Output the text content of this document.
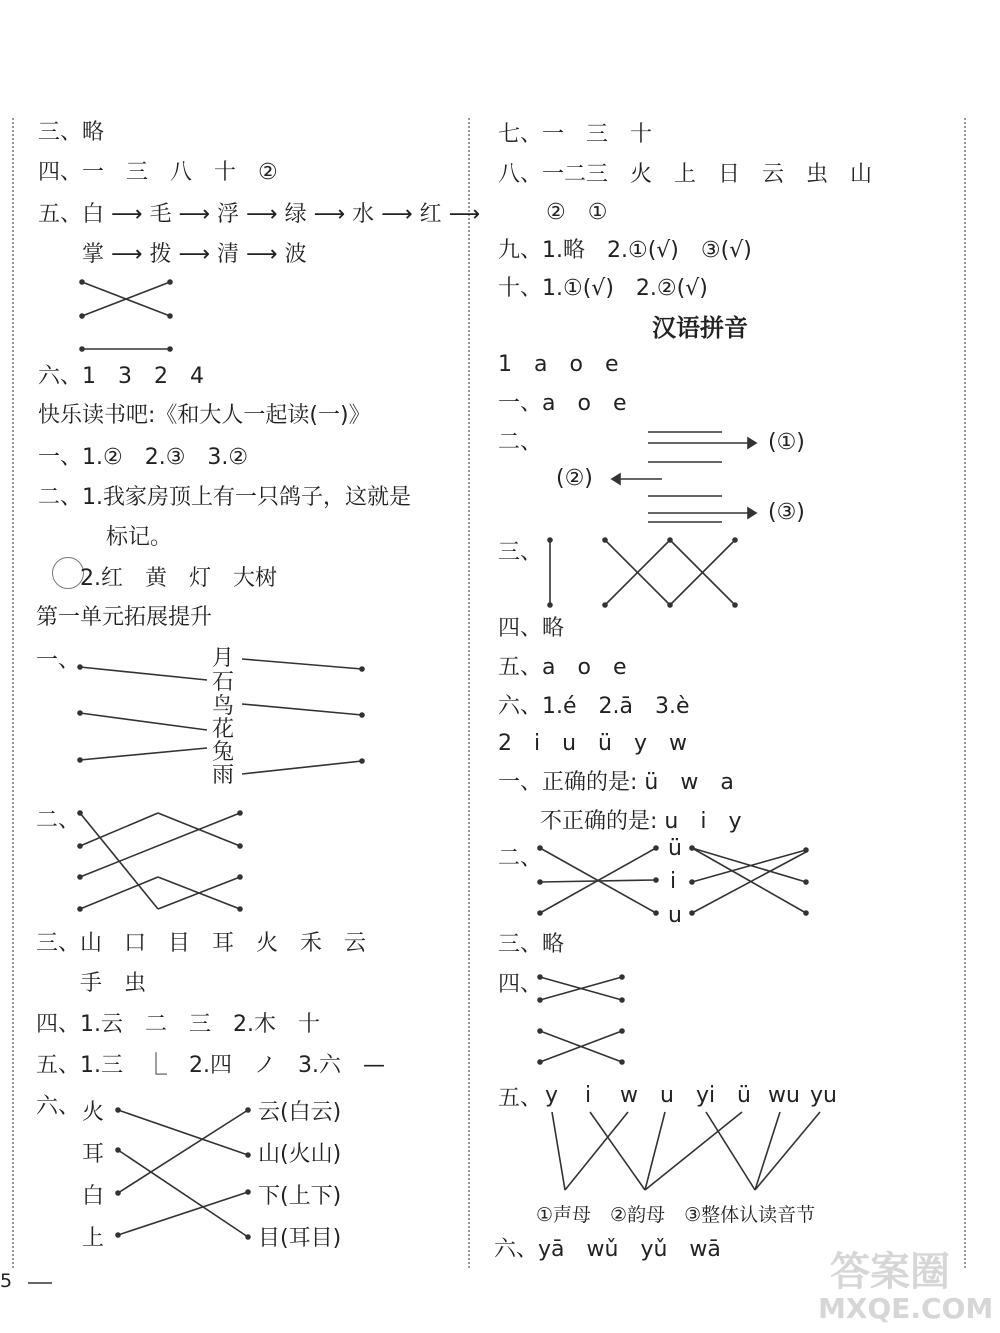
三、略
四、一　三　八　十　②
五、白 ⟶ 毛 ⟶ 浮 ⟶ 绿 ⟶ 水 ⟶ 红 ⟶
掌 ⟶ 拨 ⟶ 清 ⟶ 波
六、1　3　2　4
快乐读书吧:《和大人一起读(一)》
一、1.②　2.③　3.②
二、1.我家房顶上有一只鸽子，这就是
标记。
2.红　黄　灯　大树
第一单元拓展提升
一、	月
石
鸟
花
兔
雨
二、
三、山　口　目　耳　火　禾　云
手　虫
四、1.云　二　三　2.木　十
五、1.三　⎿　2.四　ノ　3.六　—
六、 火
耳
白
上
云(白云)
山(火山)
下(上下)
目(耳目)
七、一　三　十
八、一二三　火　上　日　云　虫　山
②　①
九、1.略　2.①(√)　③(√)
十、1.①(√)　2.②(√)
汉语拼音
1　a　o　e
一、a　o　e
二、	(①)
(②)
(③)
三、
四、略
五、a　o　e
六、1.é　2.ā　3.è
2　i　u　ü　y　w
一、正确的是: ü　w　a
不正确的是: u　i　y
二、	ü
i
u
三、略
四、
五、 y i w u yi ü wu yu
①声母　②韵母　③整体认读音节
六、yā　wǔ　yǔ　wā
5	答案圈
MXQE.COM
